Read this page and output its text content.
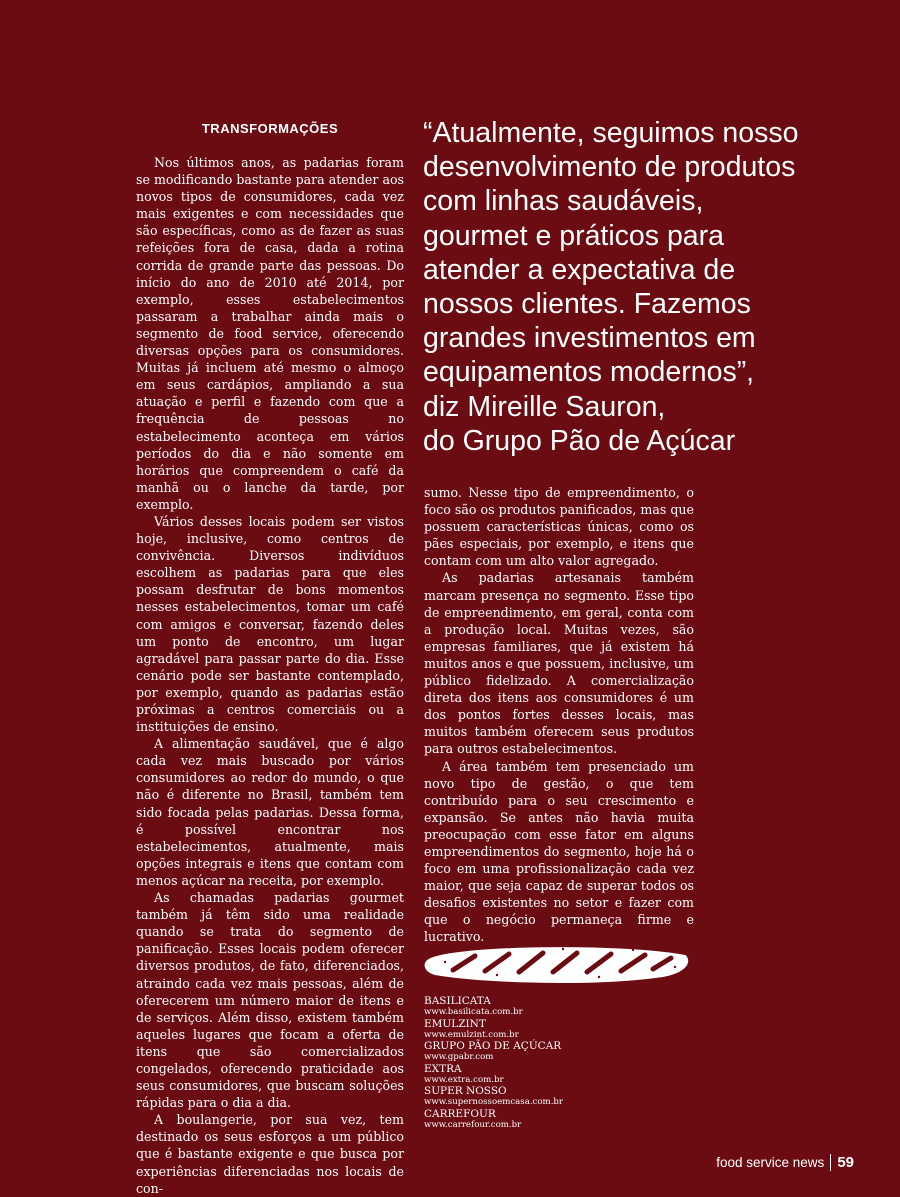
TRANSFORMAÇÕES

Nos últimos anos, as padarias foram se modificando bastante para atender aos novos tipos de consumidores, cada vez mais exigentes e com necessidades que são específicas, como as de fazer as suas refeições fora de casa, dada a rotina corrida de grande parte das pessoas. Do início do ano de 2010 até 2014, por exemplo, esses estabelecimentos passaram a trabalhar ainda mais o segmento de food service, oferecendo diversas opções para os consumidores. Muitas já incluem até mesmo o almoço em seus cardápios, ampliando a sua atuação e perfil e fazendo com que a frequência de pessoas no estabelecimento aconteça em vários períodos do dia e não somente em horários que compreendem o café da manhã ou o lanche da tarde, por exemplo.

Vários desses locais podem ser vistos hoje, inclusive, como centros de convivência. Diversos indivíduos escolhem as padarias para que eles possam desfrutar de bons momentos nesses estabelecimentos, tomar um café com amigos e conversar, fazendo deles um ponto de encontro, um lugar agradável para passar parte do dia. Esse cenário pode ser bastante contemplado, por exemplo, quando as padarias estão próximas a centros comerciais ou a instituições de ensino.

A alimentação saudável, que é algo cada vez mais buscado por vários consumidores ao redor do mundo, o que não é diferente no Brasil, também tem sido focada pelas padarias. Dessa forma, é possível encontrar nos estabelecimentos, atualmente, mais opções integrais e itens que contam com menos açúcar na receita, por exemplo.

As chamadas padarias gourmet também já têm sido uma realidade quando se trata do segmento de panificação. Esses locais podem oferecer diversos produtos, de fato, diferenciados, atraindo cada vez mais pessoas, além de oferecerem um número maior de itens e de serviços. Além disso, existem também aqueles lugares que focam a oferta de itens que são comercializados congelados, oferecendo praticidade aos seus consumidores, que buscam soluções rápidas para o dia a dia.

A boulangerie, por sua vez, tem destinado os seus esforços a um público que é bastante exigente e que busca por experiências diferenciadas nos locais de con-

“Atualmente, seguimos nosso
desenvolvimento de produtos
com linhas saudáveis,
gourmet e práticos para
atender a expectativa de
nossos clientes. Fazemos
grandes investimentos em
equipamentos modernos”,
diz Mireille Sauron,
do Grupo Pão de Açúcar

sumo. Nesse tipo de empreendimento, o foco são os produtos panificados, mas que possuem características únicas, como os pães especiais, por exemplo, e itens que contam com um alto valor agregado.

As padarias artesanais também marcam presença no segmento. Esse tipo de empreendimento, em geral, conta com a produção local. Muitas vezes, são empresas familiares, que já existem há muitos anos e que possuem, inclusive, um público fidelizado. A comercialização direta dos itens aos consumidores é um dos pontos fortes desses locais, mas muitos também oferecem seus produtos para outros estabelecimentos.

A área também tem presenciado um novo tipo de gestão, o que tem contribuído para o seu crescimento e expansão. Se antes não havia muita preocupação com esse fator em alguns empreendimentos do segmento, hoje há o foco em uma profissionalização cada vez maior, que seja capaz de superar todos os desafios existentes no setor e fazer com que o negócio permaneça firme e lucrativo.

BASILICATA
www.basilicata.com.br
EMULZINT
www.emulzint.com.br
GRUPO PÃO DE AÇÚCAR
www.gpabr.com
EXTRA
www.extra.com.br
SUPER NOSSO
www.supernossoemcasa.com.br
CARREFOUR
www.carrefour.com.br
food service news 59
